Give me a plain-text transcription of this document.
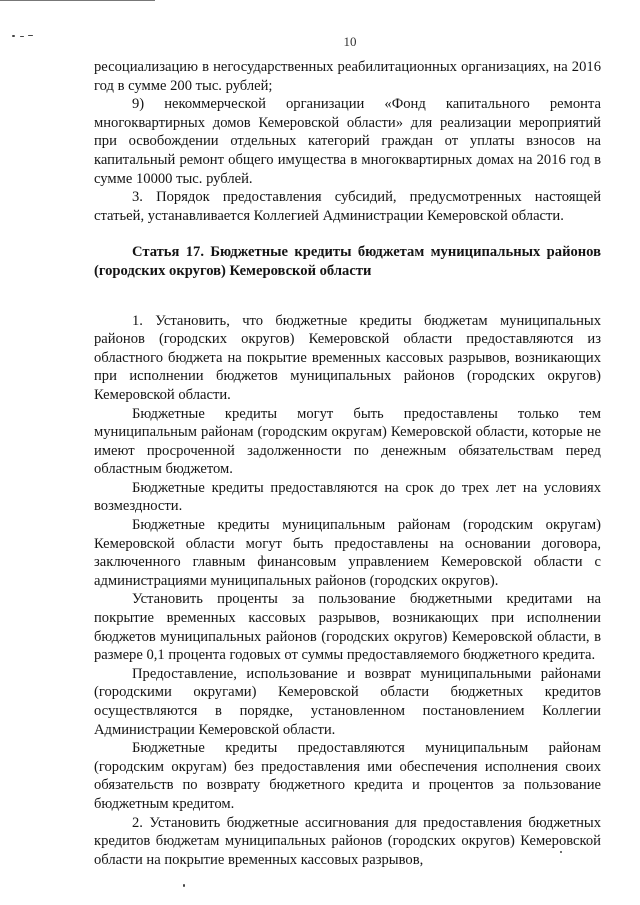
10

ресоциализацию в негосударственных реабилитационных организациях, на 2016 год в сумме 200 тыс. рублей;

9) некоммерческой организации «Фонд капитального ремонта многоквартирных домов Кемеровской области» для реализации мероприятий при освобождении отдельных категорий граждан от уплаты взносов на капитальный ремонт общего имущества в многоквартирных домах на 2016 год в сумме 10000 тыс. рублей.

3. Порядок предоставления субсидий, предусмотренных настоящей статьей, устанавливается Коллегией Администрации Кемеровской области.

Статья 17. Бюджетные кредиты бюджетам муниципальных районов (городских округов) Кемеровской области

1. Установить, что бюджетные кредиты бюджетам муниципальных районов (городских округов) Кемеровской области предоставляются из областного бюджета на покрытие временных кассовых разрывов, возникающих при исполнении бюджетов муниципальных районов (городских округов) Кемеровской области.

Бюджетные кредиты могут быть предоставлены только тем муниципальным районам (городским округам) Кемеровской области, которые не имеют просроченной задолженности по денежным обязательствам перед областным бюджетом.

Бюджетные кредиты предоставляются на срок до трех лет на условиях возмездности.

Бюджетные кредиты муниципальным районам (городским округам) Кемеровской области могут быть предоставлены на основании договора, заключенного главным финансовым управлением Кемеровской области с администрациями муниципальных районов (городских округов).

Установить проценты за пользование бюджетными кредитами на покрытие временных кассовых разрывов, возникающих при исполнении бюджетов муниципальных районов (городских округов) Кемеровской области, в размере 0,1 процента годовых от суммы предоставляемого бюджетного кредита.

Предоставление, использование и возврат муниципальными районами (городскими округами) Кемеровской области бюджетных кредитов осуществляются в порядке, установленном постановлением Коллегии Администрации Кемеровской области.

Бюджетные кредиты предоставляются муниципальным районам (городским округам) без предоставления ими обеспечения исполнения своих обязательств по возврату бюджетного кредита и процентов за пользование бюджетным кредитом.

2. Установить бюджетные ассигнования для предоставления бюджетных кредитов бюджетам муниципальных районов (городских округов) Кемеровской области на покрытие временных кассовых разрывов,
